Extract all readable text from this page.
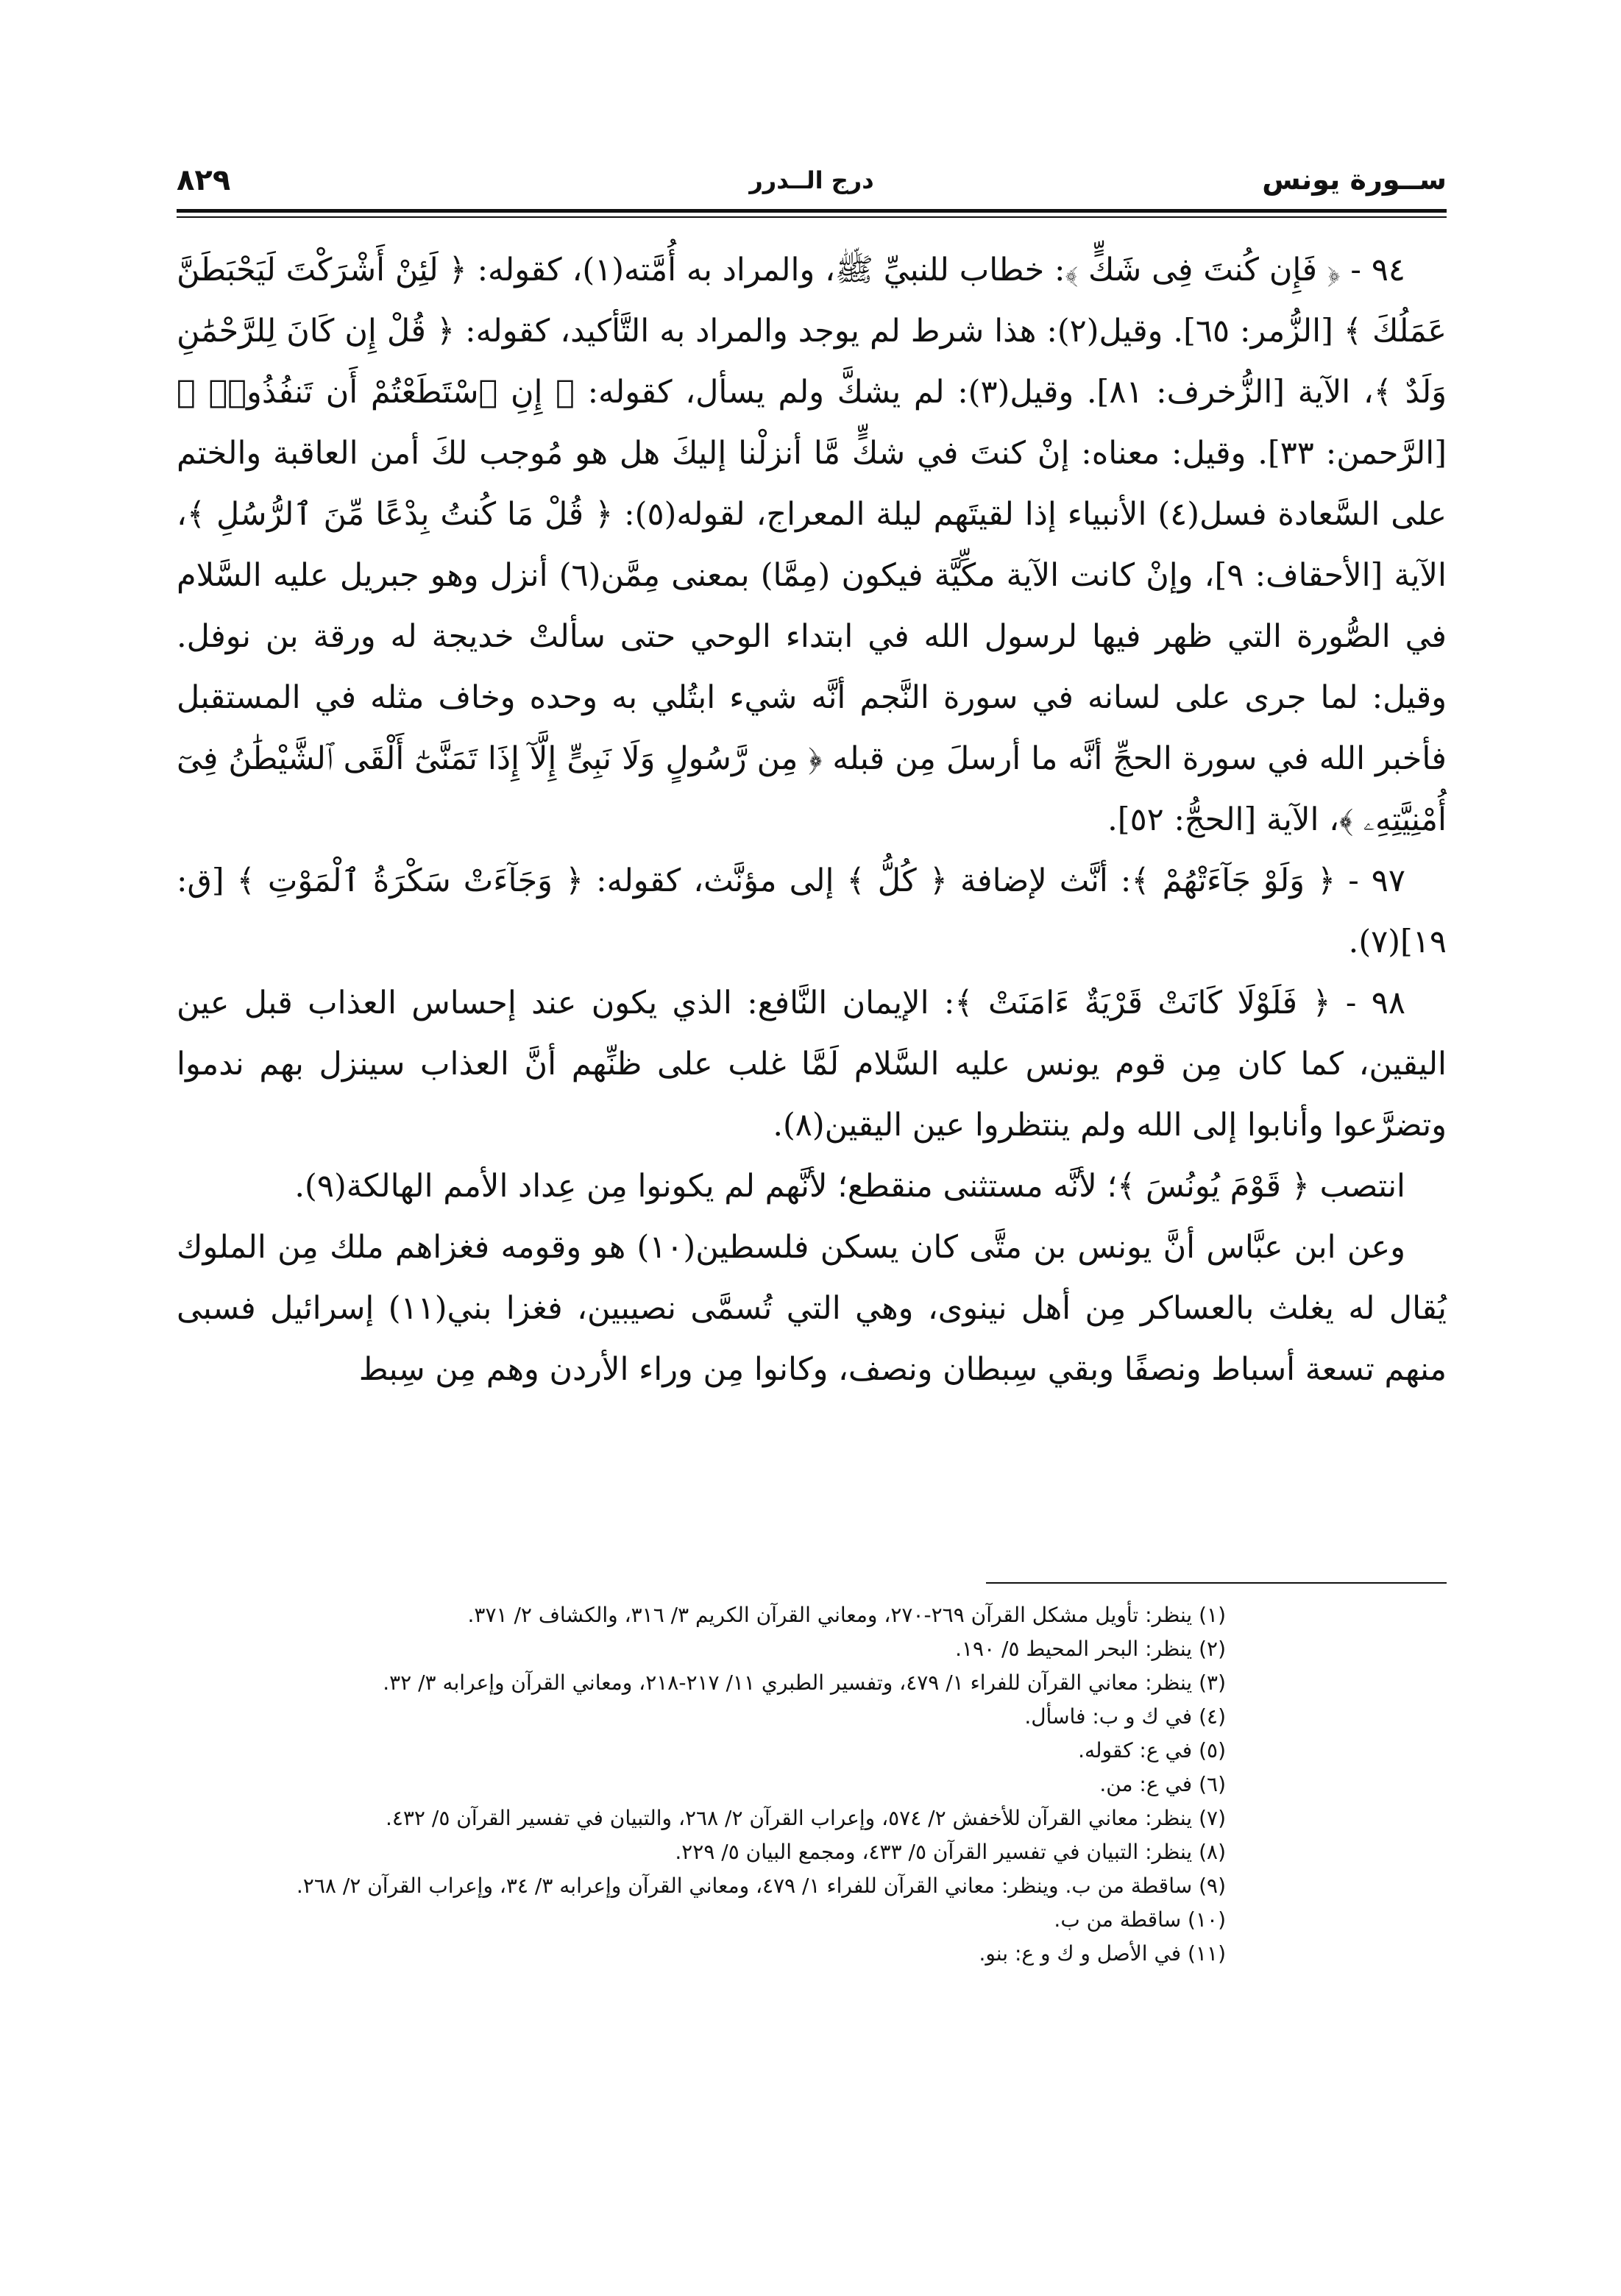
ســورة يونس
درج الــدرر
٨٢٩

٩٤ - ﴿ فَإِن كُنتَ فِى شَكٍّ ﴾: خطاب للنبيِّ ﷺ، والمراد به أُمَّته(١)، كقوله: ﴿ لَئِنْ أَشْرَكْتَ لَيَحْبَطَنَّ عَمَلُكَ ﴾ [الزُّمر: ٦٥]. وقيل(٢): هذا شرط لم يوجد والمراد به التَّأكيد، كقوله: ﴿ قُلْ إِن كَانَ لِلرَّحْمَٰنِ وَلَدٌ ﴾، الآية [الزُّخرف: ٨١]. وقيل(٣): لم يشكَّ ولم يسأل، كقوله: ﴿ إِنِ ٱسْتَطَعْتُمْ أَن تَنفُذُوا۟ ﴾ [الرَّحمن: ٣٣]. وقيل: معناه: إنْ كنتَ في شكٍّ مَّا أنزلْنا إليكَ هل هو مُوجب لكَ أمن العاقبة والختم على السَّعادة فسل(٤) الأنبياء إذا لقيتَهم ليلة المعراج، لقوله(٥): ﴿ قُلْ مَا كُنتُ بِدْعًا مِّنَ ٱلرُّسُلِ ﴾، الآية [الأحقاف: ٩]، وإنْ كانت الآية مكِّيَّة فيكون (مِمَّا) بمعنى مِمَّن(٦) أنزل وهو جبريل عليه السَّلام في الصُّورة التي ظهر فيها لرسول الله في ابتداء الوحي حتى سألتْ خديجة له ورقة بن نوفل. وقيل: لما جرى على لسانه في سورة النَّجم أنَّه شيء ابتُلي به وحده وخاف مثله في المستقبل فأخبر الله في سورة الحجِّ أنَّه ما أرسلَ مِن قبله ﴿ مِن رَّسُولٍ وَلَا نَبِىٍّ إِلَّآ إِذَا تَمَنَّىٰٓ أَلْقَى ٱلشَّيْطَٰنُ فِىٓ أُمْنِيَّتِهِۦ ﴾، الآية [الحجُّ: ٥٢].

٩٧ - ﴿ وَلَوْ جَآءَتْهُمْ ﴾: أنَّث لإضافة ﴿ كُلُّ ﴾ إلى مؤنَّث، كقوله: ﴿ وَجَآءَتْ سَكْرَةُ ٱلْمَوْتِ ﴾ [ق: ١٩](٧).

٩٨ - ﴿ فَلَوْلَا كَانَتْ قَرْيَةٌ ءَامَنَتْ ﴾: الإيمان النَّافع: الذي يكون عند إحساس العذاب قبل عين اليقين، كما كان مِن قوم يونس عليه السَّلام لَمَّا غلب على ظنِّهم أنَّ العذاب سينزل بهم ندموا وتضرَّعوا وأنابوا إلى الله ولم ينتظروا عين اليقين(٨).

انتصب ﴿ قَوْمَ يُونُسَ ﴾؛ لأنَّه مستثنى منقطع؛ لأنَّهم لم يكونوا مِن عِداد الأمم الهالكة(٩).

وعن ابن عبَّاس أنَّ يونس بن متَّى كان يسكن فلسطين(١٠) هو وقومه فغزاهم ملك مِن الملوك يُقال له يغلث بالعساكر مِن أهل نينوى، وهي التي تُسمَّى نصيبين، فغزا بني(١١) إسرائيل فسبى منهم تسعة أسباط ونصفًا وبقي سِبطان ونصف، وكانوا مِن وراء الأردن وهم مِن سِبط

(١) ينظر: تأويل مشكل القرآن ٢٦٩-٢٧٠، ومعاني القرآن الكريم ٣/ ٣١٦، والكشاف ٢/ ٣٧١.
(٢) ينظر: البحر المحيط ٥/ ١٩٠.
(٣) ينظر: معاني القرآن للفراء ١/ ٤٧٩، وتفسير الطبري ١١/ ٢١٧-٢١٨، ومعاني القرآن وإعرابه ٣/ ٣٢.
(٤) في ك و ب: فاسأل.
(٥) في ع: كقوله.
(٦) في ع: من.
(٧) ينظر: معاني القرآن للأخفش ٢/ ٥٧٤، وإعراب القرآن ٢/ ٢٦٨، والتبيان في تفسير القرآن ٥/ ٤٣٢.
(٨) ينظر: التبيان في تفسير القرآن ٥/ ٤٣٣، ومجمع البيان ٥/ ٢٢٩.
(٩) ساقطة من ب. وينظر: معاني القرآن للفراء ١/ ٤٧٩، ومعاني القرآن وإعرابه ٣/ ٣٤، وإعراب القرآن ٢/ ٢٦٨.
(١٠) ساقطة من ب.
(١١) في الأصل و ك و ع: بنو.
